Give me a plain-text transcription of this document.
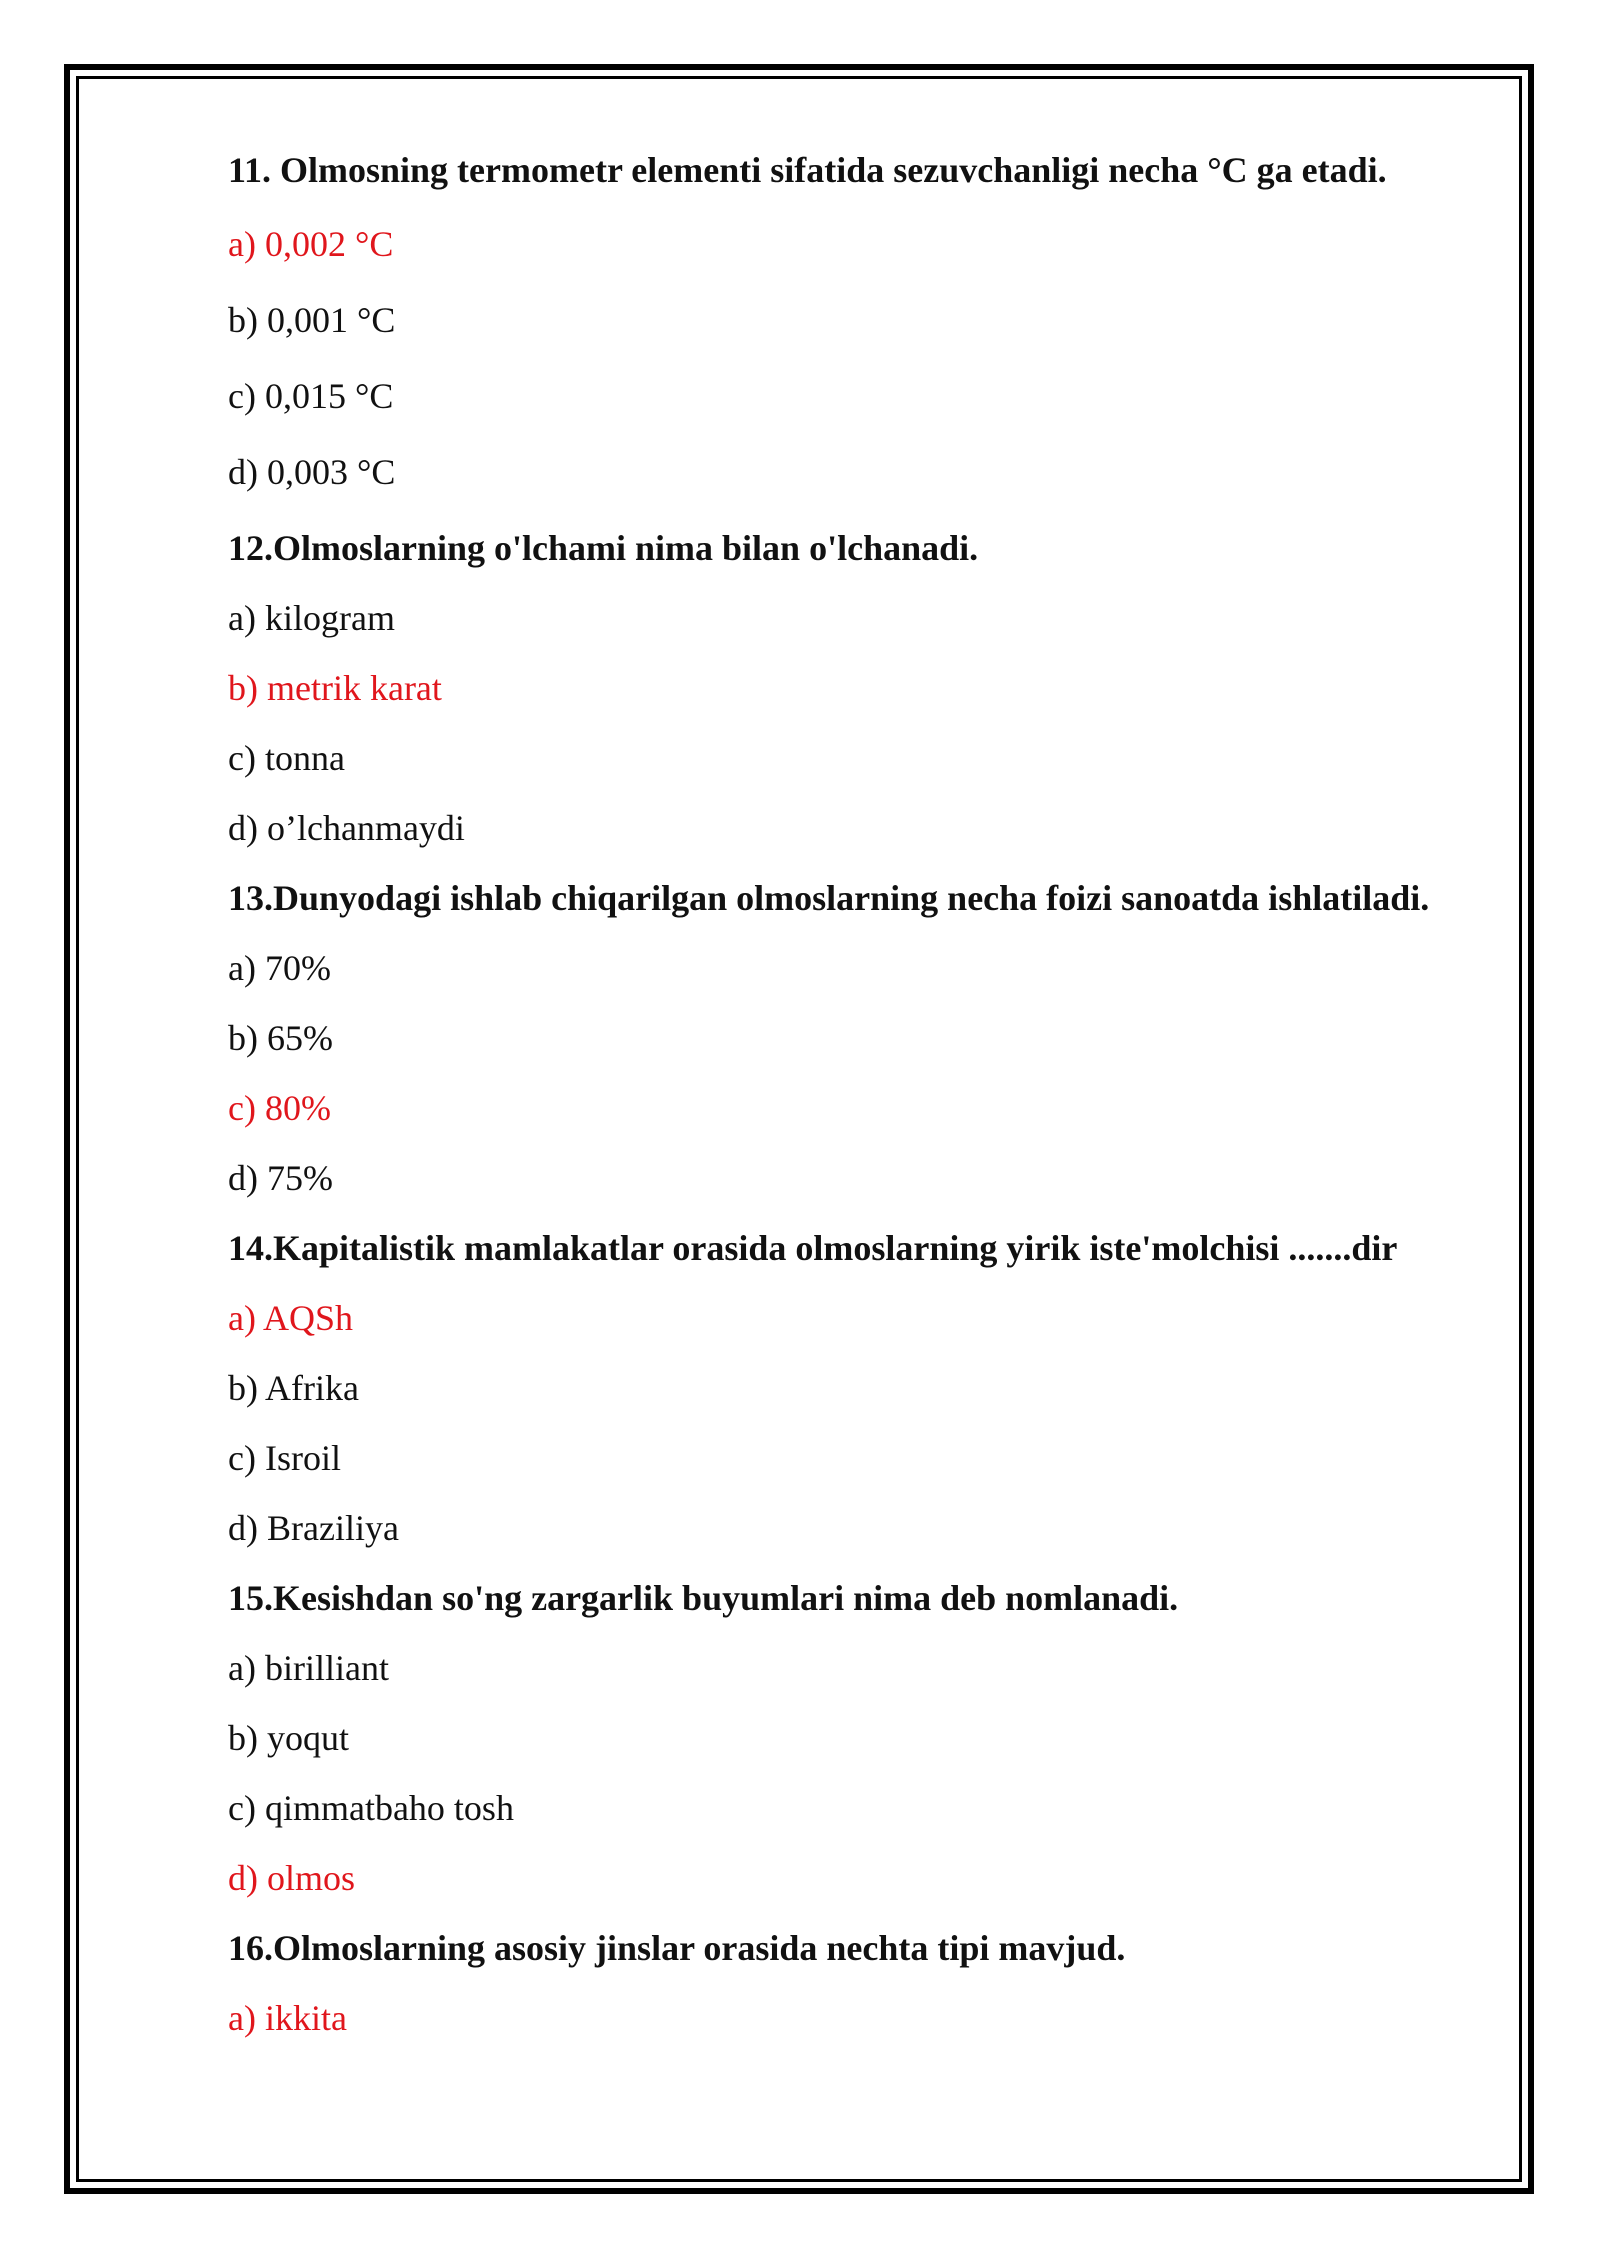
11. Olmosning termometr elementi sifatida sezuvchanligi necha °C ga etadi.
a) 0,002 °C
b) 0,001 °C
c) 0,015 °C
d) 0,003 °C
12.Olmoslarning o'lchami nima bilan o'lchanadi.
a) kilogram
b) metrik karat
c) tonna
d) o’lchanmaydi
13.Dunyodagi ishlab chiqarilgan olmoslarning necha foizi sanoatda ishlatiladi.
a) 70%
b) 65%
c) 80%
d) 75%
14.Kapitalistik mamlakatlar orasida olmoslarning yirik iste'molchisi .......dir
a) AQSh
b) Afrika
c) Isroil
d) Braziliya
15.Kesishdan so'ng zargarlik buyumlari nima deb nomlanadi.
a) birilliant
b) yoqut
c) qimmatbaho tosh
d) olmos
16.Olmoslarning asosiy jinslar orasida nechta tipi mavjud.
a) ikkita
